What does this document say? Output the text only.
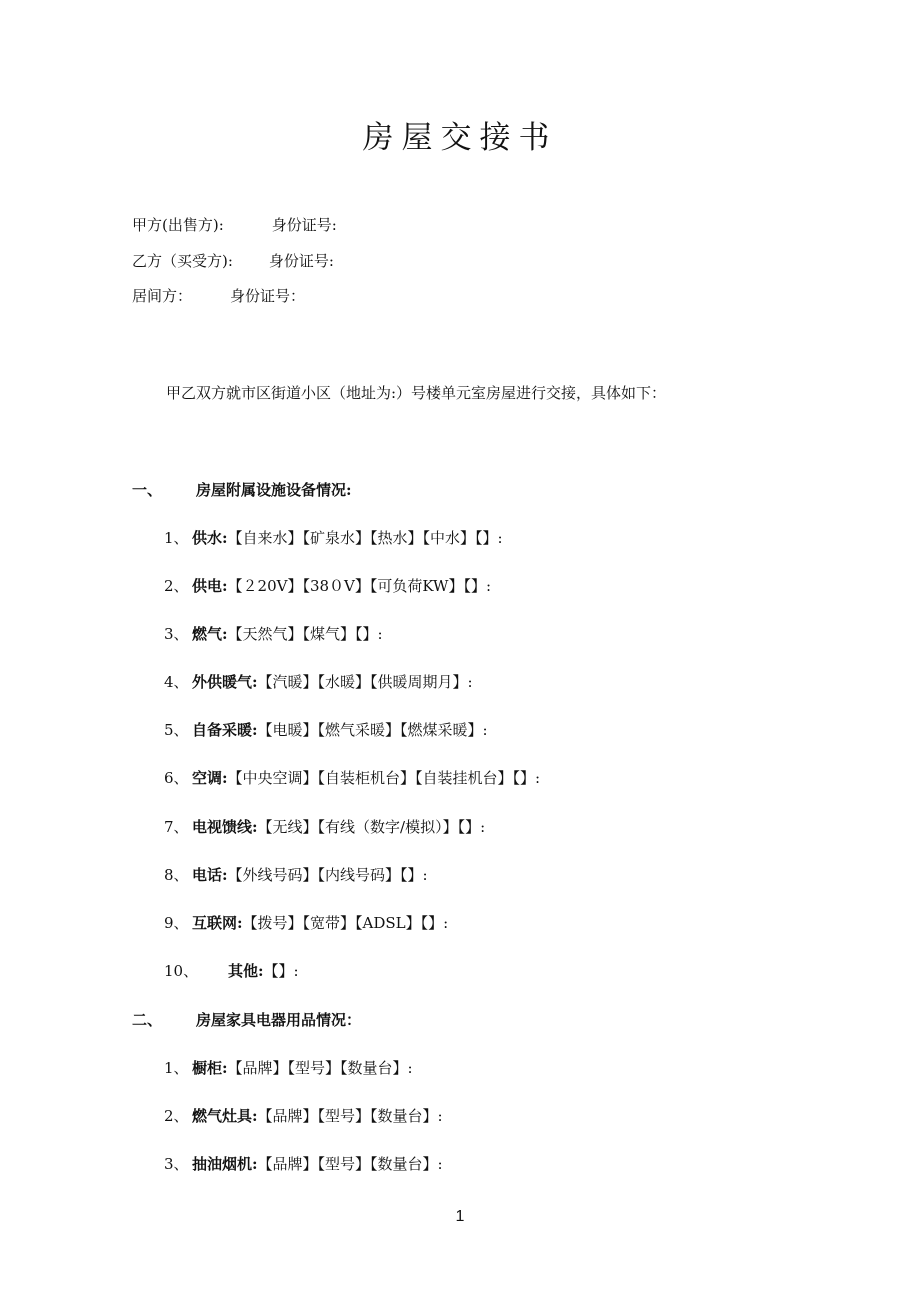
房屋交接书
甲方(出售方):	身份证号:
乙方（买受方): 身份证号:
居间方：	身份证号：
甲乙双方就市区街道小区（地址为:）号楼单元室房屋进行交接，具体如下：
一、 房屋附属设施设备情况:
1、 供水:【自来水】【矿泉水】【热水】【中水】【】:
2、 供电:【２20V】【38０V】【可负荷KW】【】:
3、 燃气:【天然气】【煤气】【】:
4、 外供暖气:【汽暖】【水暖】【供暖周期月】:
5、 自备采暖:【电暖】【燃气采暖】【燃煤采暖】:
6、 空调:【中央空调】【自装柜机台】【自装挂机台】【】:
7、 电视馈线:【无线】【有线（数字/模拟）】【】:
8、 电话:【外线号码】【内线号码】【】:
9、 互联网:【拨号】【宽带】【ADSL】【】:
10、 其他:【】:
二、 房屋家具电器用品情况：
1、 橱柜:【品牌】【型号】【数量台】:
2、 燃气灶具:【品牌】【型号】【数量台】:
3、 抽油烟机:【品牌】【型号】【数量台】:
1
